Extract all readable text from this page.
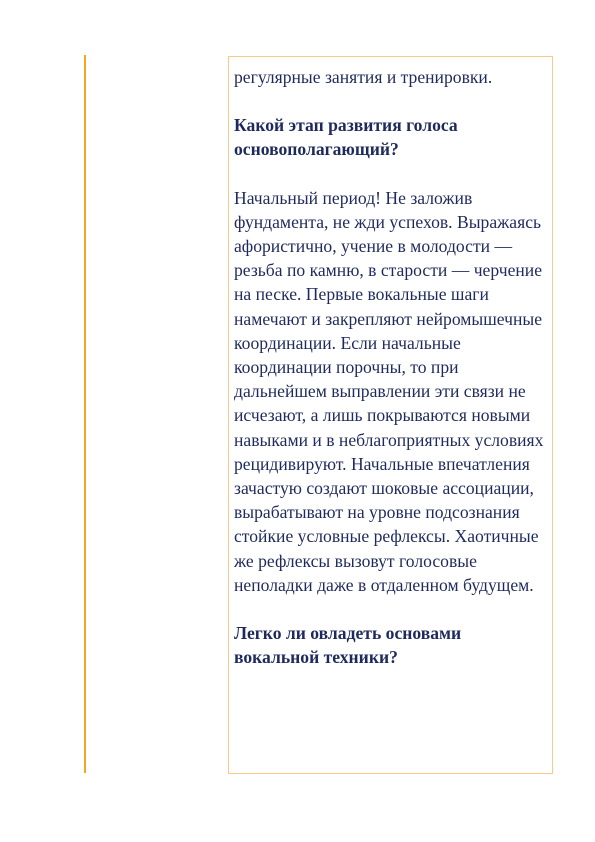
регулярные занятия и тренировки.

Какой этап развития голоса основополагающий?

Начальный период! Не заложив фундамента, не жди успехов. Выражаясь афористично, учение в молодости — резьба по камню, в старости — черчение на песке. Первые вокальные шаги намечают и закрепляют нейромышечные координации. Если начальные координации порочны, то при дальнейшем выправлении эти связи не исчезают, а лишь покрываются новыми навыками и в неблагоприятных условиях рецидивируют. Начальные впечатления зачастую создают шоковые ассоциации, вырабатывают на уровне подсознания стойкие условные рефлексы. Хаотичные же рефлексы вызовут голосовые неполадки даже в отдаленном будущем.

Легко ли овладеть основами вокальной техники?
